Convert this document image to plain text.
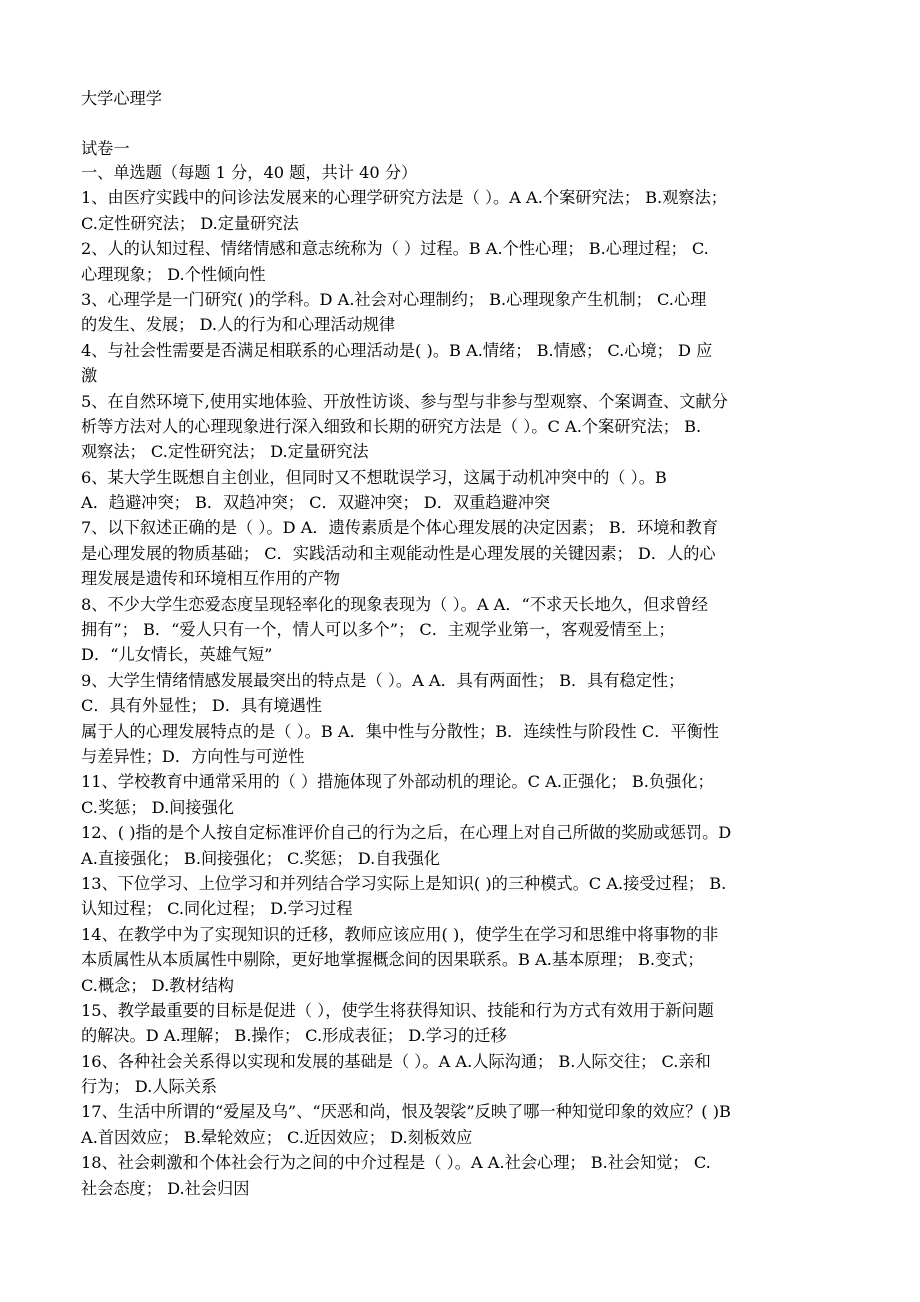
大学心理学
试卷一
一、单选题（每题 1 分，40 题，共计 40 分）
1、由医疗实践中的问诊法发展来的心理学研究方法是（ ）。A A.个案研究法； B.观察法；
C.定性研究法； D.定量研究法
2、人的认知过程、情绪情感和意志统称为（ ）过程。B A.个性心理； B.心理过程； C.
心理现象； D.个性倾向性
3、心理学是一门研究( )的学科。D A.社会对心理制约； B.心理现象产生机制； C.心理
的发生、发展； D.人的行为和心理活动规律
4、与社会性需要是否满足相联系的心理活动是( )。B A.情绪； B.情感； C.心境； D 应
激
5、在自然环境下,使用实地体验、开放性访谈、参与型与非参与型观察、个案调查、文献分
析等方法对人的心理现象进行深入细致和长期的研究方法是（ ）。C A.个案研究法； B.
观察法； C.定性研究法； D.定量研究法
6、某大学生既想自主创业，但同时又不想耽误学习，这属于动机冲突中的（ ）。B
A．趋避冲突； B．双趋冲突； C．双避冲突； D．双重趋避冲突
7、以下叙述正确的是（ ）。D A．遗传素质是个体心理发展的决定因素； B．环境和教育
是心理发展的物质基础； C．实践活动和主观能动性是心理发展的关键因素； D．人的心
理发展是遗传和环境相互作用的产物
8、不少大学生恋爱态度呈现轻率化的现象表现为（ ）。A A．“不求天长地久，但求曾经
拥有”； B．“爱人只有一个，情人可以多个”； C．主观学业第一，客观爱情至上；
D．“儿女情长，英雄气短”
9、大学生情绪情感发展最突出的特点是（ ）。A A．具有两面性； B．具有稳定性；
C．具有外显性； D．具有境遇性
属于人的心理发展特点的是（ ）。B A．集中性与分散性；B．连续性与阶段性 C．平衡性
与差异性；D．方向性与可逆性
11、学校教育中通常采用的（ ）措施体现了外部动机的理论。C A.正强化； B.负强化；
C.奖惩； D.间接强化
12、( )指的是个人按自定标准评价自己的行为之后，在心理上对自己所做的奖励或惩罚。D
A.直接强化； B.间接强化； C.奖惩； D.自我强化
13、下位学习、上位学习和并列结合学习实际上是知识( )的三种模式。C A.接受过程； B.
认知过程； C.同化过程； D.学习过程
14、在教学中为了实现知识的迁移，教师应该应用( )，使学生在学习和思维中将事物的非
本质属性从本质属性中剔除，更好地掌握概念间的因果联系。B A.基本原理； B.变式；
C.概念； D.教材结构
15、教学最重要的目标是促进（ ），使学生将获得知识、技能和行为方式有效用于新问题
的解决。D A.理解； B.操作； C.形成表征； D.学习的迁移
16、各种社会关系得以实现和发展的基础是（ ）。A A.人际沟通； B.人际交往； C.亲和
行为； D.人际关系
17、生活中所谓的“爱屋及乌”、“厌恶和尚，恨及袈裟”反映了哪一种知觉印象的效应？( )B
A.首因效应； B.晕轮效应； C.近因效应； D.刻板效应
18、社会刺激和个体社会行为之间的中介过程是（ ）。A A.社会心理； B.社会知觉； C.
社会态度； D.社会归因
